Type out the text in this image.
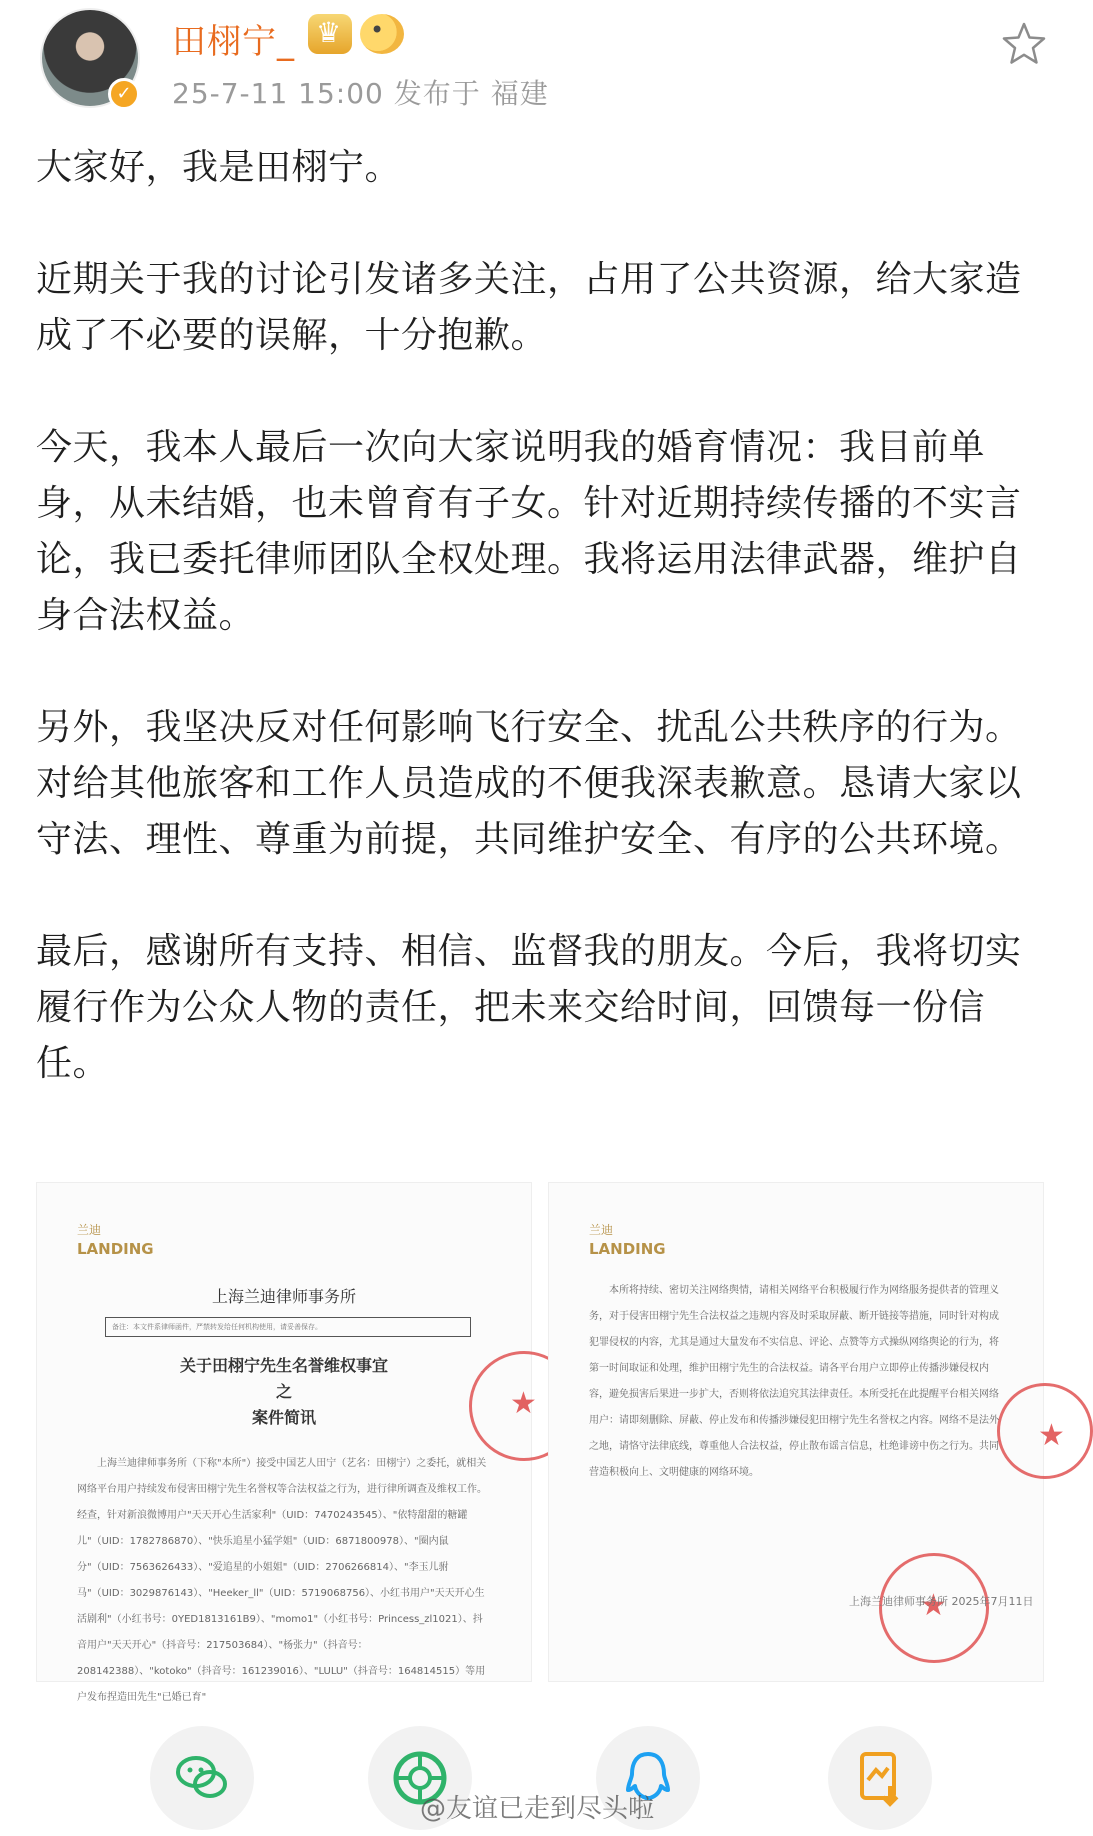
✓
田栩宁_
♛
•
25-7-11 15:00 发布于 福建

大家好，我是田栩宁。

近期关于我的讨论引发诸多关注，占用了公共资源，给大家造成了不必要的误解，十分抱歉。

今天，我本人最后一次向大家说明我的婚育情况：我目前单身，从未结婚，也未曾育有子女。针对近期持续传播的不实言论，我已委托律师团队全权处理。我将运用法律武器，维护自身合法权益。

另外，我坚决反对任何影响飞行安全、扰乱公共秩序的行为。对给其他旅客和工作人员造成的不便我深表歉意。恳请大家以守法、理性、尊重为前提，共同维护安全、有序的公共环境。

最后，感谢所有支持、相信、监督我的朋友。今后，我将切实履行作为公众人物的责任，把未来交给时间，回馈每一份信任。

兰迪
LANDING
上海兰迪律师事务所
备注：本文件系律师函件，严禁转发给任何机构使用，请妥善保存。
关于田栩宁先生名誉维权事宜
之
案件简讯
上海兰迪律师事务所（下称"本所"）接受中国艺人田宁（艺名：田栩宁）之委托，就相关网络平台用户持续发布侵害田栩宁先生名誉权等合法权益之行为，进行律所调查及维权工作。经查，针对新浪微博用户"天天开心生活家利"（UID：7470243545）、"依特甜甜的糖罐儿"（UID：1782786870）、"快乐追星小猛学姐"（UID：6871800978）、"圈内鼠分"（UID：7563626433）、"爱追星的小姐姐"（UID：2706266814）、"李玉儿驸马"（UID：3029876143）、"Heeker_ll"（UID：5719068756）、小红书用户"天天开心生活剧利"（小红书号：0YED1813161B9）、"momo1"（小红书号：Princess_zl1021）、抖音用户"天天开心"（抖音号：217503684）、"杨张力"（抖音号：208142388）、"kotoko"（抖音号：161239016）、"LULU"（抖音号：164814515）等用户发布捏造田先生"已婚已育"
★
兰迪
LANDING
本所将持续、密切关注网络舆情，请相关网络平台积极履行作为网络服务提供者的管理义务，对于侵害田栩宁先生合法权益之违规内容及时采取屏蔽、断开链接等措施，同时针对构成犯罪侵权的内容，尤其是通过大量发布不实信息、评论、点赞等方式操纵网络舆论的行为，将第一时间取证和处理，维护田栩宁先生的合法权益。请各平台用户立即停止传播涉嫌侵权内容，避免损害后果进一步扩大，否则将依法追究其法律责任。本所受托在此提醒平台相关网络用户：请即刻删除、屏蔽、停止发布和传播涉嫌侵犯田栩宁先生名誉权之内容。网络不是法外之地，请恪守法律底线，尊重他人合法权益，停止散布谣言信息，杜绝诽谤中伤之行为。共同营造积极向上、文明健康的网络环境。
★
★
上海兰迪律师事务所 2025年7月11日
@友谊已走到尽头啦
